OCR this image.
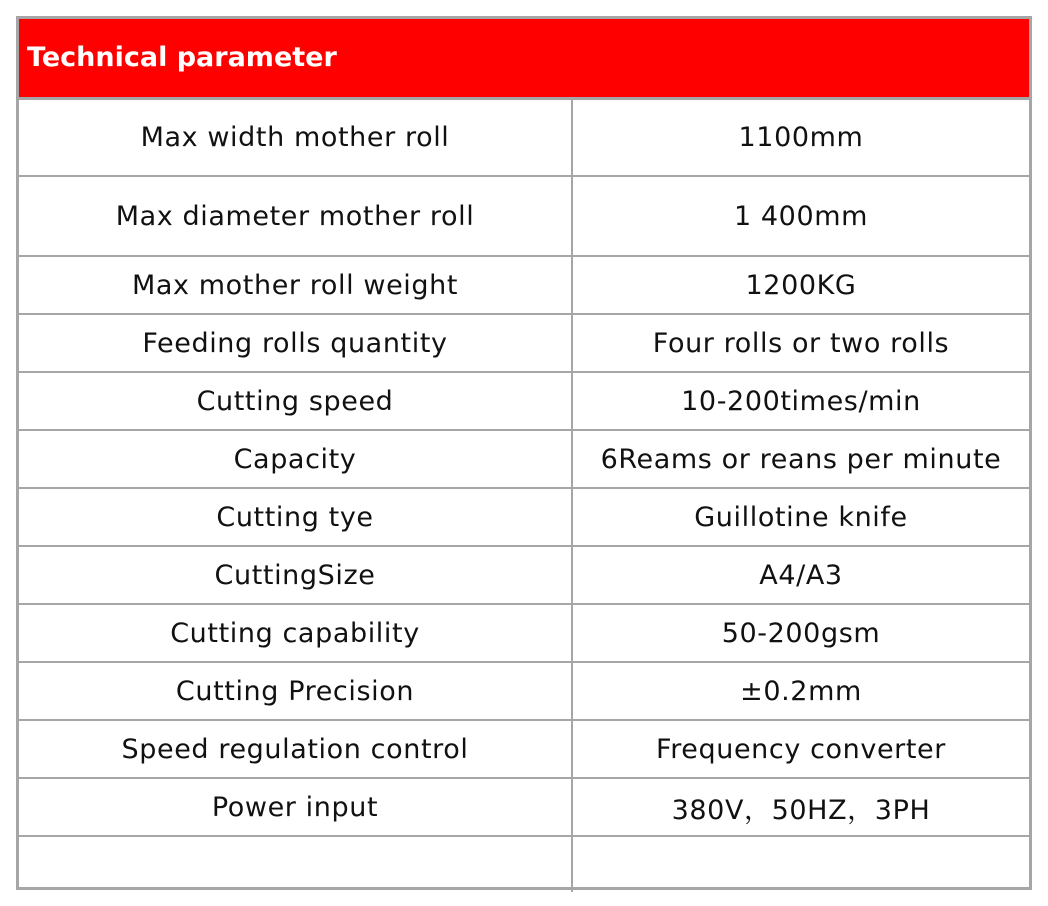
Technical parameter
Max width mother roll	1100mm
Max diameter mother roll	1 400mm
Max mother roll weight	1200KG
Feeding rolls quantity	Four rolls or two rolls
Cutting speed	10-200times/min
Capacity	6Reams or reans per minute
Cutting tye	Guillotine knife
CuttingSize	A4/A3
Cutting capability	50-200gsm
Cutting Precision	±0.2mm
Speed regulation control	Frequency converter
Power input	380V，50HZ，3PH
